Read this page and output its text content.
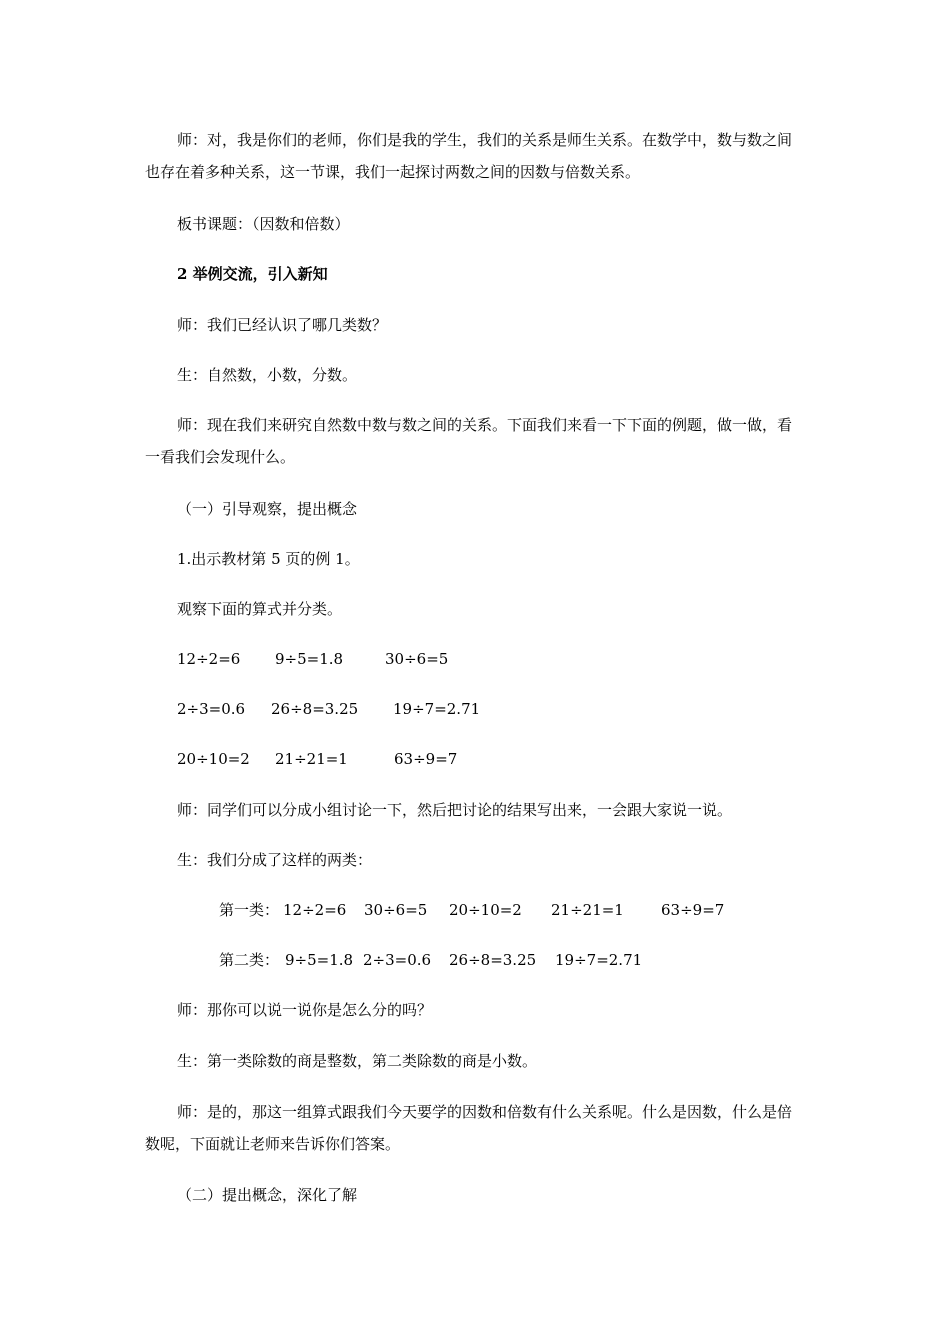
师：对，我是你们的老师，你们是我的学生，我们的关系是师生关系。在数学中，数与数之间也存在着多种关系，这一节课，我们一起探讨两数之间的因数与倍数关系。

板书课题：（因数和倍数）

2 举例交流，引入新知

师：我们已经认识了哪几类数？

生：自然数，小数，分数。

师：现在我们来研究自然数中数与数之间的关系。下面我们来看一下下面的例题，做一做，看一看我们会发现什么。

（一）引导观察，提出概念

1.出示教材第 5 页的例 1。

观察下面的算式并分类。

12÷2=6 9÷5=1.8	30÷6=5
2÷3=0.6 26÷8=3.25 19÷7=2.71
20÷10=2 21÷21=1	63÷9=7

师：同学们可以分成小组讨论一下，然后把讨论的结果写出来，一会跟大家说一说。

生：我们分成了这样的两类：

第一类： 12÷2=6 30÷6=5 20÷10=2 21÷21=1 63÷9=7
第二类： 9÷5=1.8 2÷3=0.6 26÷8=3.25 19÷7=2.71

师：那你可以说一说你是怎么分的吗？

生：第一类除数的商是整数，第二类除数的商是小数。

师：是的，那这一组算式跟我们今天要学的因数和倍数有什么关系呢。什么是因数，什么是倍数呢，下面就让老师来告诉你们答案。

（二）提出概念，深化了解
